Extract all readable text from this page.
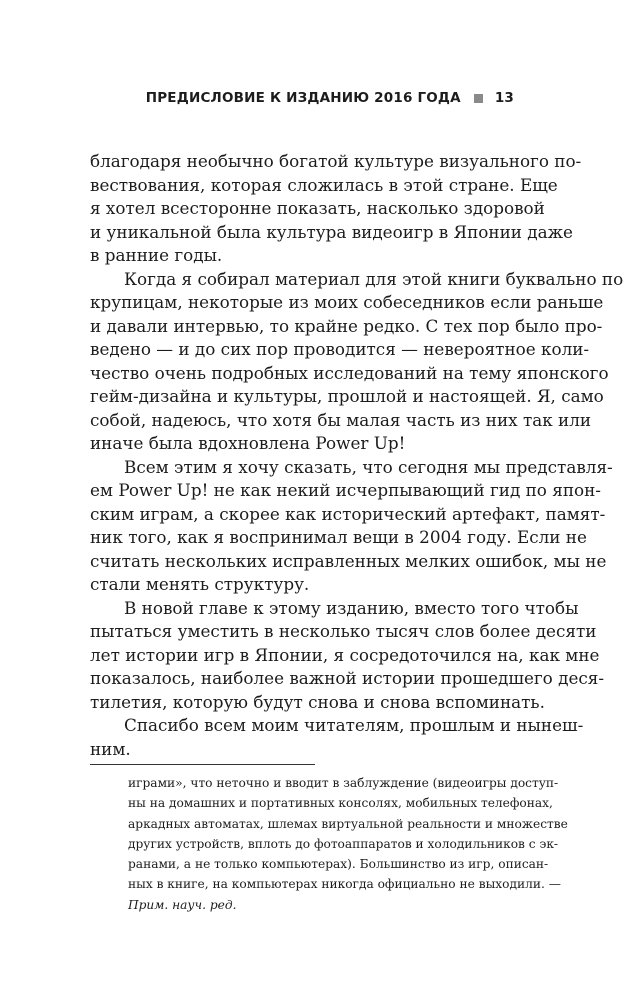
ПРЕДИСЛОВИЕ К ИЗДАНИЮ 2016 ГОДА	13
благодаря необычно богатой культуре визуального по-
вествования, которая сложилась в этой стране. Еще
я хотел всесторонне показать, насколько здоровой
и уникальной была культура видеоигр в Японии даже
в ранние годы.
Когда я собирал материал для этой книги буквально по
крупицам, некоторые из моих собеседников если раньше
и давали интервью, то крайне редко. С тех пор было про-
ведено — и до сих пор проводится — невероятное коли-
чество очень подробных исследований на тему японского
гейм-дизайна и культуры, прошлой и настоящей. Я, само
собой, надеюсь, что хотя бы малая часть из них так или
иначе была вдохновлена Power Up!
Всем этим я хочу сказать, что сегодня мы представля-
ем Power Up! не как некий исчерпывающий гид по япон-
ским играм, а скорее как исторический артефакт, памят-
ник того, как я воспринимал вещи в 2004 году. Если не
считать нескольких исправленных мелких ошибок, мы не
стали менять структуру.
В новой главе к этому изданию, вместо того чтобы
пытаться уместить в несколько тысяч слов более десяти
лет истории игр в Японии, я сосредоточился на, как мне
показалось, наиболее важной истории прошедшего деся-
тилетия, которую будут снова и снова вспоминать.
Спасибо всем моим читателям, прошлым и нынеш-
ним.
играми», что неточно и вводит в заблуждение (видеоигры доступ-
ны на домашних и портативных консолях, мобильных телефонах,
аркадных автоматах, шлемах виртуальной реальности и множестве
других устройств, вплоть до фотоаппаратов и холодильников с эк-
ранами, а не только компьютерах). Большинство из игр, описан-
ных в книге, на компьютерах никогда официально не выходили. —
Прим. науч. ред.
